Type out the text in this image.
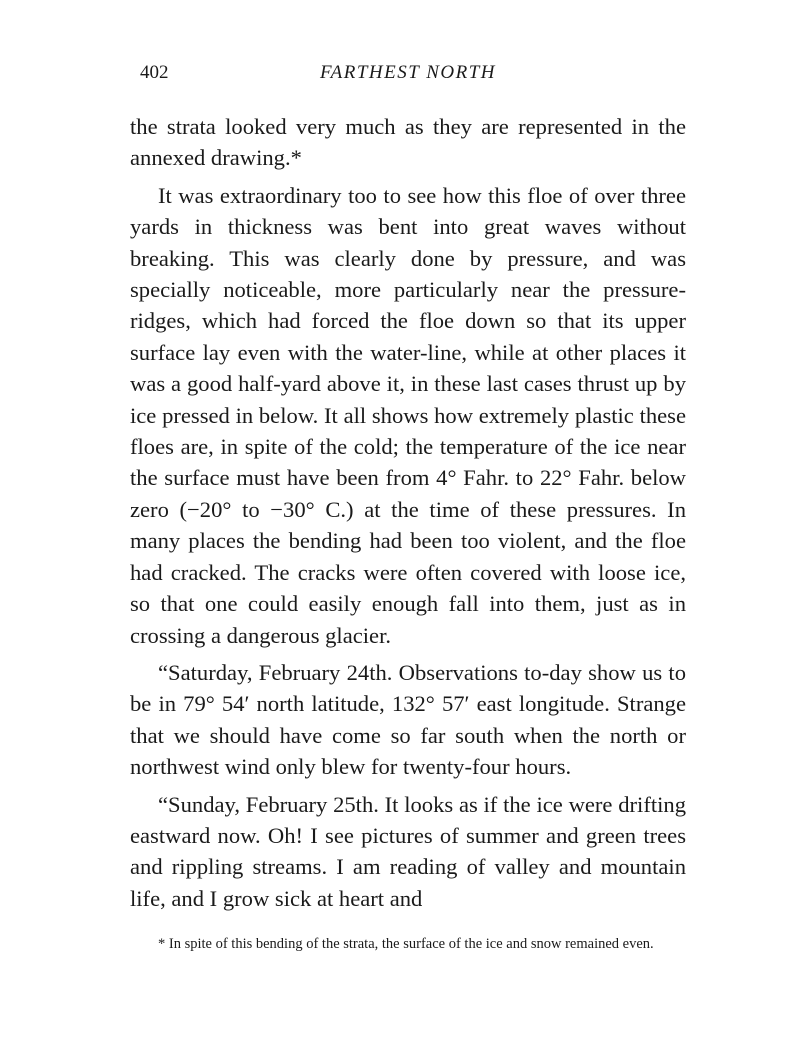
402	FARTHEST NORTH

the strata looked very much as they are represented in the annexed drawing.*

It was extraordinary too to see how this floe of over three yards in thickness was bent into great waves without breaking. This was clearly done by pressure, and was specially noticeable, more particularly near the pressure-ridges, which had forced the floe down so that its upper surface lay even with the water-line, while at other places it was a good half-yard above it, in these last cases thrust up by ice pressed in below. It all shows how extremely plastic these floes are, in spite of the cold; the temperature of the ice near the surface must have been from 4° Fahr. to 22° Fahr. below zero (−20° to −30° C.) at the time of these pressures. In many places the bending had been too violent, and the floe had cracked. The cracks were often covered with loose ice, so that one could easily enough fall into them, just as in crossing a dangerous glacier.

“Saturday, February 24th. Observations to-day show us to be in 79° 54′ north latitude, 132° 57′ east longitude. Strange that we should have come so far south when the north or northwest wind only blew for twenty-four hours.

“Sunday, February 25th. It looks as if the ice were drifting eastward now. Oh! I see pictures of summer and green trees and rippling streams. I am reading of valley and mountain life, and I grow sick at heart and

* In spite of this bending of the strata, the surface of the ice and snow remained even.
